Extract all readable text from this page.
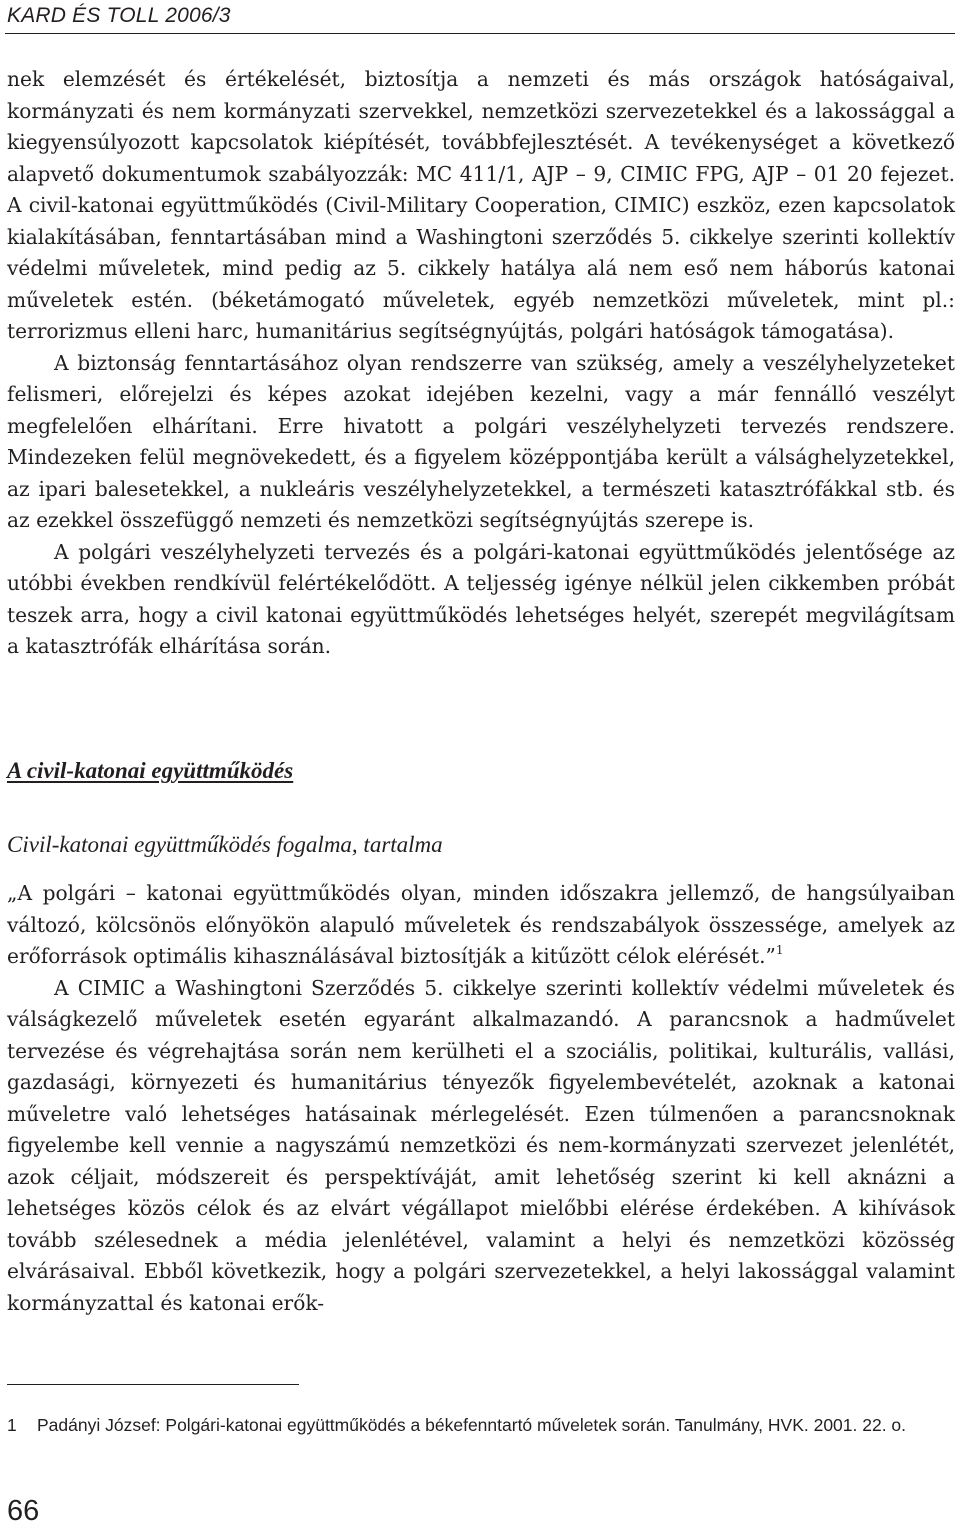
KARD ÉS TOLL 2006/3

nek elemzését és értékelését, biztosítja a nemzeti és más országok hatóságaival, kormányzati és nem kormányzati szervekkel, nemzetközi szervezetekkel és a lakossággal a kiegyensúlyozott kapcsolatok kiépítését, továbbfejlesztését. A tevékenységet a következő alapvető dokumentumok szabályozzák: MC 411/1, AJP – 9, CIMIC FPG, AJP – 01 20 fejezet. A civil-katonai együttműködés (Civil-Military Cooperation, CIMIC) eszköz, ezen kapcsolatok kialakításában, fenntartásában mind a Washingtoni szerződés 5. cikkelye szerinti kollektív védelmi műveletek, mind pedig az 5. cikkely hatálya alá nem eső nem háborús katonai műveletek estén. (béketámogató műveletek, egyéb nemzetközi műveletek, mint pl.: terrorizmus elleni harc, humanitárius segítségnyújtás, polgári hatóságok támogatása).

A biztonság fenntartásához olyan rendszerre van szükség, amely a veszélyhelyzeteket felismeri, előrejelzi és képes azokat idejében kezelni, vagy a már fennálló veszélyt megfelelően elhárítani. Erre hivatott a polgári veszélyhelyzeti tervezés rendszere. Mindezeken felül megnövekedett, és a figyelem középpontjába került a válsághelyzetekkel, az ipari balesetekkel, a nukleáris veszélyhelyzetekkel, a természeti katasztrófákkal stb. és az ezekkel összefüggő nemzeti és nemzetközi segítségnyújtás szerepe is.

A polgári veszélyhelyzeti tervezés és a polgári-katonai együttműködés jelentősége az utóbbi években rendkívül felértékelődött. A teljesség igénye nélkül jelen cikkemben próbát teszek arra, hogy a civil katonai együttműködés lehetséges helyét, szerepét megvilágítsam a katasztrófák elhárítása során.

A civil-katonai együttműködés
Civil-katonai együttműködés fogalma, tartalma

„A polgári – katonai együttműködés olyan, minden időszakra jellemző, de hangsúlyaiban változó, kölcsönös előnyökön alapuló műveletek és rendszabályok összessége, amelyek az erőforrások optimális kihasználásával biztosítják a kitűzött célok elérését.”$^1$

A CIMIC a Washingtoni Szerződés 5. cikkelye szerinti kollektív védelmi műveletek és válságkezelő műveletek esetén egyaránt alkalmazandó. A parancsnok a hadművelet tervezése és végrehajtása során nem kerülheti el a szociális, politikai, kulturális, vallási, gazdasági, környezeti és humanitárius tényezők figyelembevételét, azoknak a katonai műveletre való lehetséges hatásainak mérlegelését. Ezen túlmenően a parancsnoknak figyelembe kell vennie a nagyszámú nemzetközi és nem-kormányzati szervezet jelenlétét, azok céljait, módszereit és perspektíváját, amit lehetőség szerint ki kell aknázni a lehetséges közös célok és az elvárt végállapot mielőbbi elérése érdekében. A kihívások tovább szélesednek a média jelenlétével, valamint a helyi és nemzetközi közösség elvárásaival. Ebből következik, hogy a polgári szervezetekkel, a helyi lakossággal valamint kormányzattal és katonai erők-

1	Padányi József: Polgári-katonai együttműködés a békefenntartó műveletek során. Tanulmány, HVK. 2001. 22. o.
66
